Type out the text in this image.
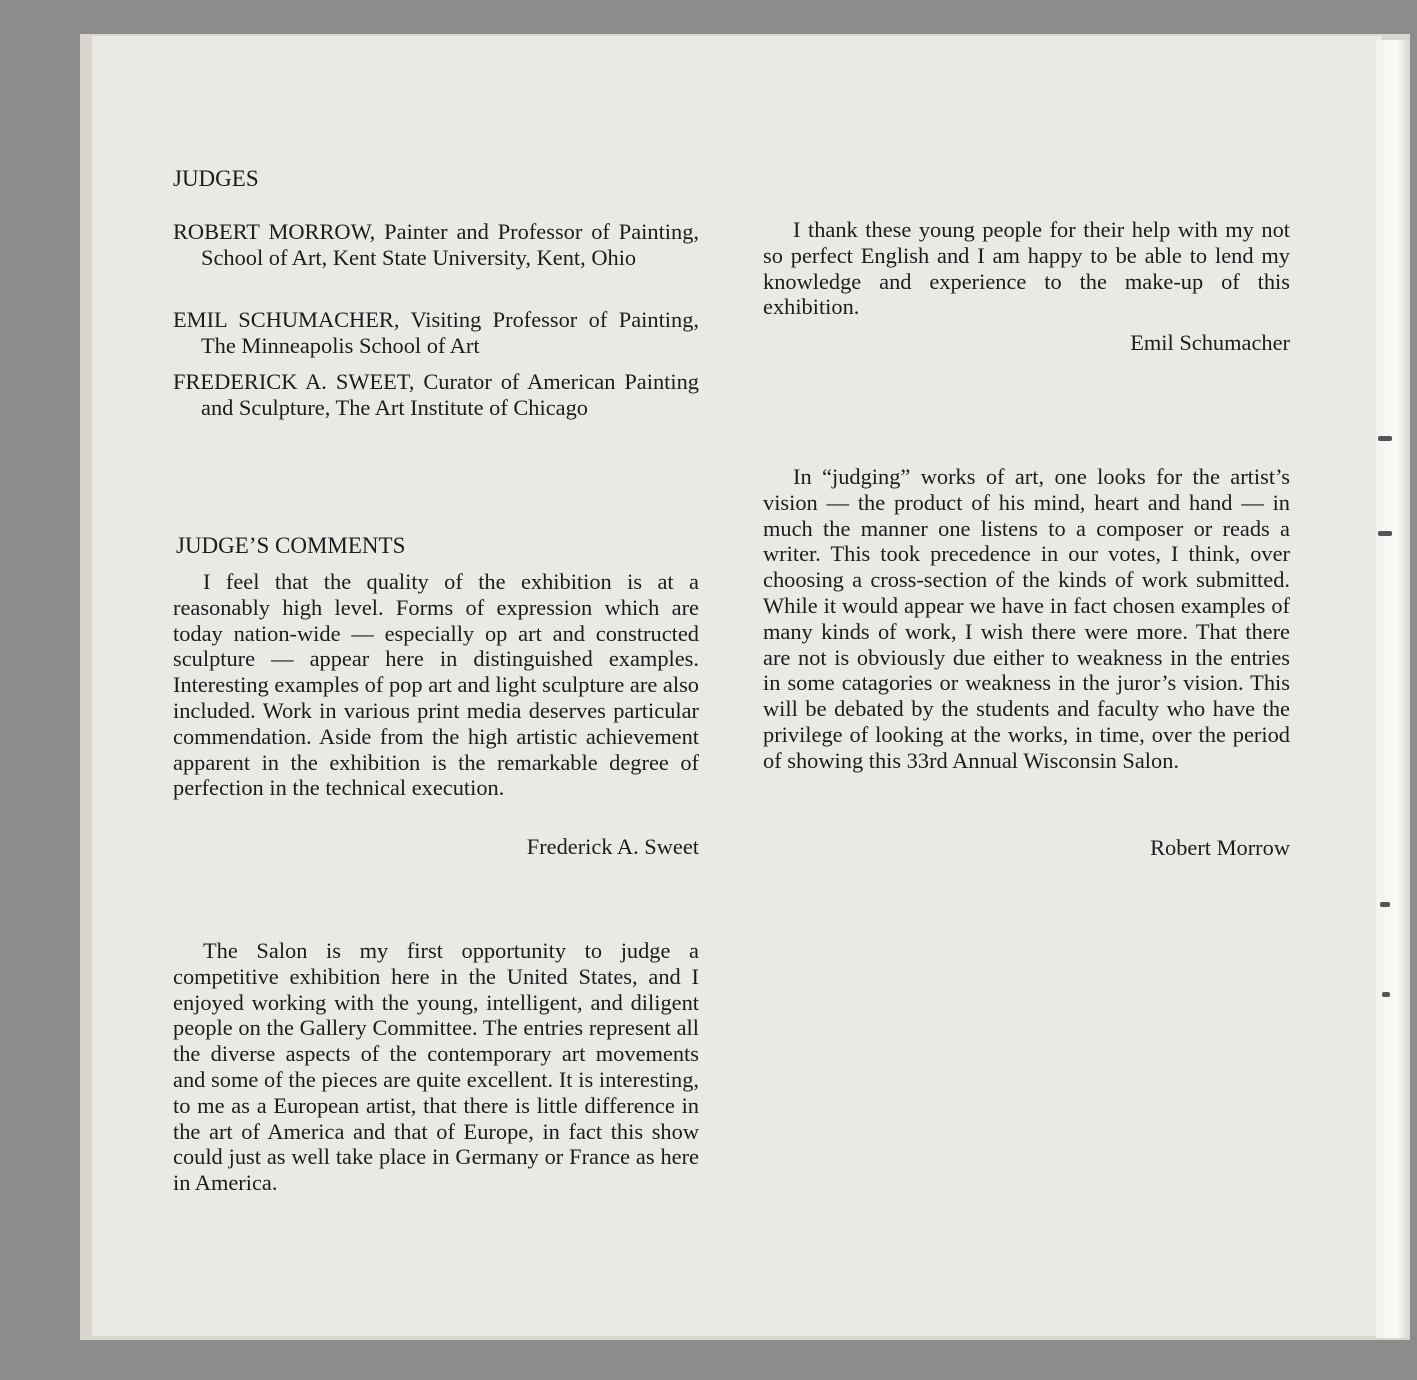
JUDGES
ROBERT MORROW, Painter and Professor of Painting, School of Art, Kent State University, Kent, Ohio
EMIL SCHUMACHER, Visiting Professor of Painting, The Minneapolis School of Art
FREDERICK A. SWEET, Curator of American Painting and Sculpture, The Art Institute of Chicago
JUDGE’S COMMENTS
I feel that the quality of the exhibition is at a reasonably high level. Forms of expression which are today nation-wide — especially op art and constructed sculpture — appear here in distinguished examples. Interesting examples of pop art and light sculpture are also included. Work in various print media deserves particular commendation. Aside from the high artistic achievement apparent in the exhibition is the remarkable degree of perfection in the technical execution.
Frederick A. Sweet
The Salon is my first opportunity to judge a competitive exhibition here in the United States, and I enjoyed working with the young, intelligent, and diligent people on the Gallery Committee. The entries represent all the diverse aspects of the contemporary art movements and some of the pieces are quite excellent. It is interesting, to me as a European artist, that there is little difference in the art of America and that of Europe, in fact this show could just as well take place in Germany or France as here in America.
I thank these young people for their help with my not so perfect English and I am happy to be able to lend my knowledge and experience to the make-up of this exhibition.
Emil Schumacher
In “judging” works of art, one looks for the artist’s vision — the product of his mind, heart and hand — in much the manner one listens to a composer or reads a writer. This took precedence in our votes, I think, over choosing a cross-section of the kinds of work submitted. While it would appear we have in fact chosen examples of many kinds of work, I wish there were more. That there are not is obviously due either to weakness in the entries in some catagories or weakness in the juror’s vision. This will be debated by the students and faculty who have the privilege of looking at the works, in time, over the period of showing this 33rd Annual Wisconsin Salon.
Robert Morrow
